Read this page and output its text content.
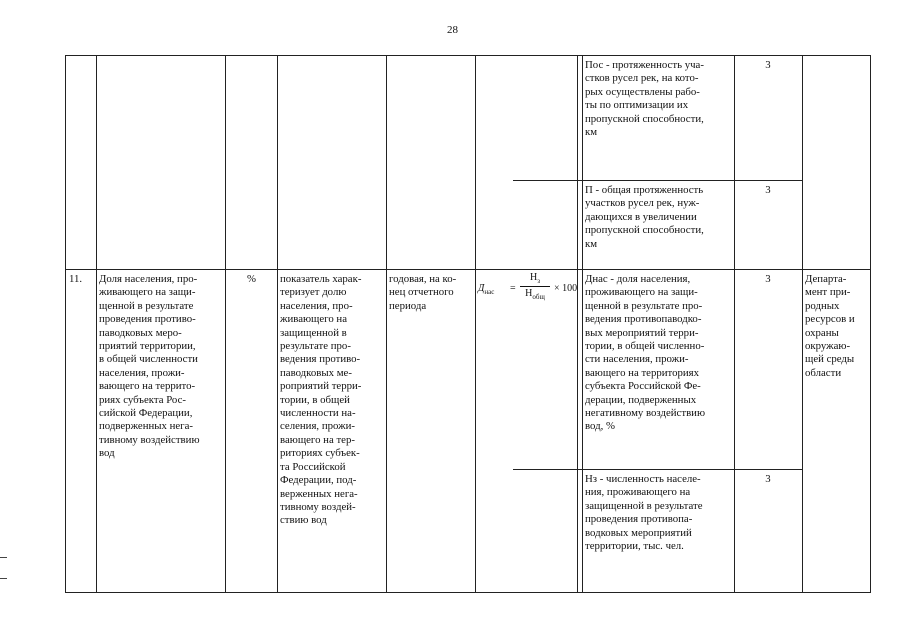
28
Пос - протяженность уча-
стков русел рек, на кото-
рых осуществлены рабо-
ты по оптимизации их
пропускной способности,
км
3
П - общая протяженность
участков русел рек, нуж-
дающихся в увеличении
пропускной способности,
км
3
11.	Доля населения, про-
живающего на защи-
щенной в результате
проведения противо-
паводковых меро-
приятий территории,
в общей численности
населения, прожи-
вающего на террито-
риях субъекта Рос-
сийской Федерации,
подверженных нега-
тивному воздействию
вод
%	показатель харак-
теризует долю
населения, про-
живающего на
защищенной в
результате про-
ведения противо-
паводковых ме-
роприятий терри-
тории, в общей
численности на-
селения, прожи-
вающего на тер-
риториях субъек-
та Российской
Федерации, под-
верженных нега-
тивному воздей-
ствию вод
годовая, на ко-
нец отчетного
периода
$Д_{нас}$ =
$Н_з$
$Н_{общ}$
× 100
Днас - доля населения,
проживающего на защи-
щенной в результате про-
ведения противопаводко-
вых мероприятий терри-
тории, в общей численно-
сти населения, прожи-
вающего на территориях
субъекта Российской Фе-
дерации, подверженных
негативному воздействию
вод, %
3
Нз - численность населе-
ния, проживающего на
защищенной в результате
проведения противопа-
водковых мероприятий
территории, тыс. чел.
3
Департа-
мент при-
родных
ресурсов и
охраны
окружаю-
щей среды
области
